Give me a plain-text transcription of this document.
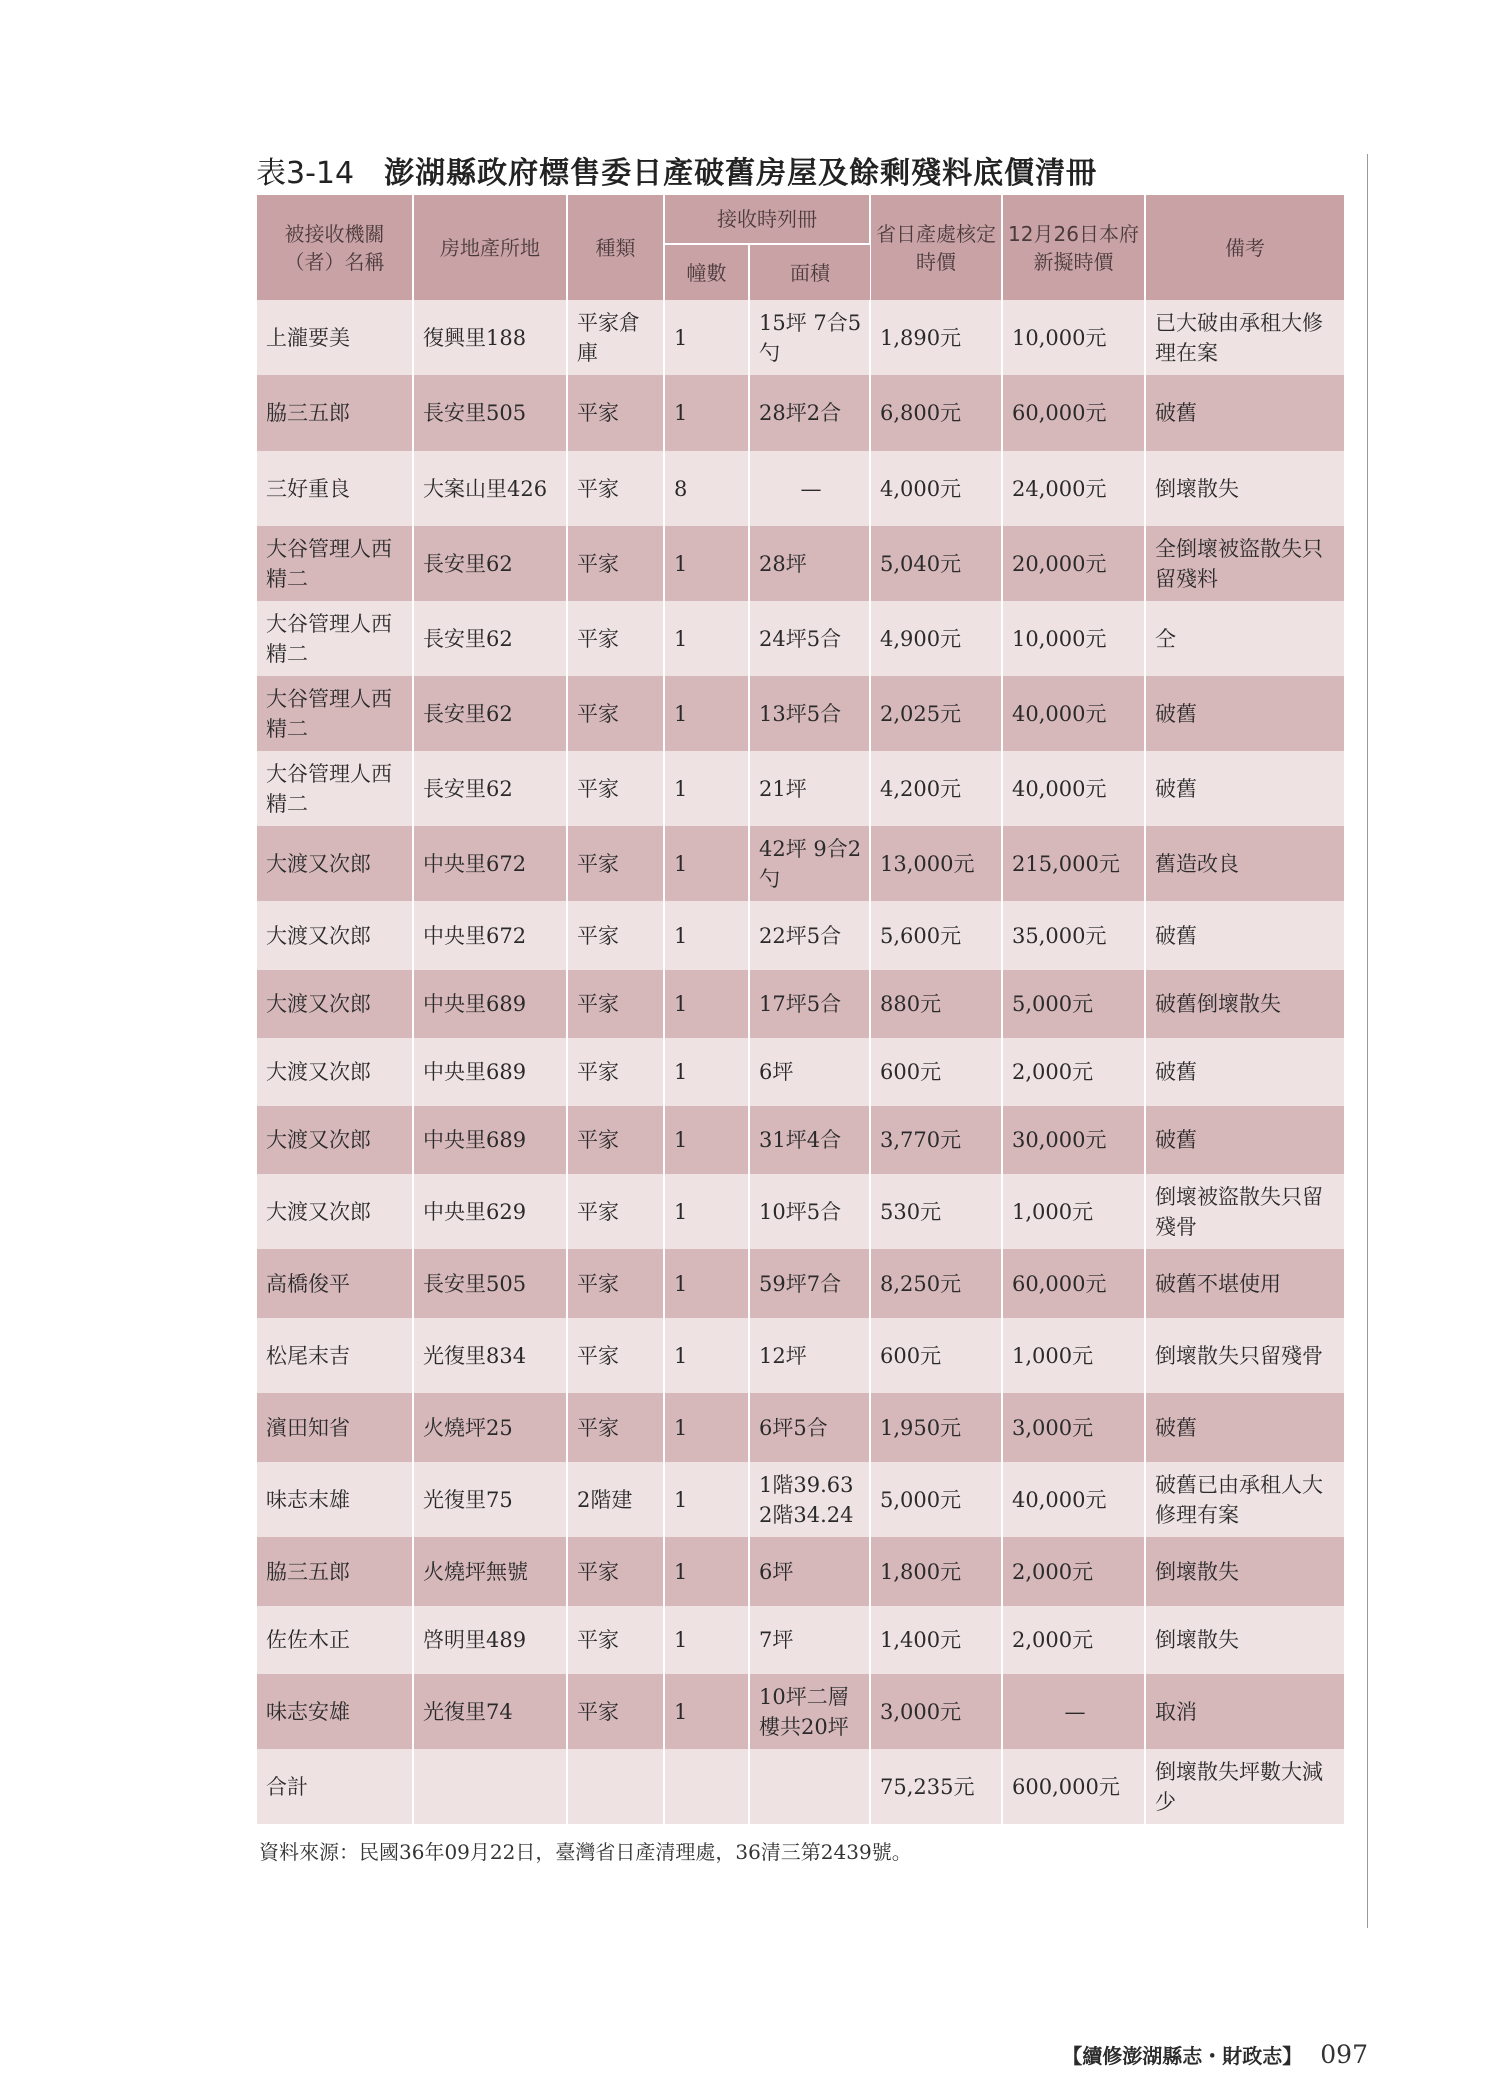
表3-14 澎湖縣政府標售委日產破舊房屋及餘剩殘料底價清冊
被接收機關（者）名稱	房地產所地	種類	接收時列冊		省日產處核定時價	12月26日本府新擬時價	備考
			幢數	面積			
上瀧要美	復興里188	平家倉庫	1	15坪 7合5勺	1,890元	10,000元	已大破由承租大修理在案
脇三五郎	長安里505	平家	1	28坪2合	6,800元	60,000元	破舊
三好重良	大案山里426	平家	8	—	4,000元	24,000元	倒壞散失
大谷管理人西精二	長安里62	平家	1	28坪	5,040元	20,000元	全倒壞被盜散失只留殘料
大谷管理人西精二	長安里62	平家	1	24坪5合	4,900元	10,000元	仝
大谷管理人西精二	長安里62	平家	1	13坪5合	2,025元	40,000元	破舊
大谷管理人西精二	長安里62	平家	1	21坪	4,200元	40,000元	破舊
大渡又次郎	中央里672	平家	1	42坪 9合2勺	13,000元	215,000元	舊造改良
大渡又次郎	中央里672	平家	1	22坪5合	5,600元	35,000元	破舊
大渡又次郎	中央里689	平家	1	17坪5合	880元	5,000元	破舊倒壞散失
大渡又次郎	中央里689	平家	1	6坪	600元	2,000元	破舊
大渡又次郎	中央里689	平家	1	31坪4合	3,770元	30,000元	破舊
大渡又次郎	中央里629	平家	1	10坪5合	530元	1,000元	倒壞被盜散失只留殘骨
高橋俊平	長安里505	平家	1	59坪7合	8,250元	60,000元	破舊不堪使用
松尾末吉	光復里834	平家	1	12坪	600元	1,000元	倒壞散失只留殘骨
濱田知省	火燒坪25	平家	1	6坪5合	1,950元	3,000元	破舊
味志末雄	光復里75	2階建	1	1階39.63 2階34.24	5,000元	40,000元	破舊已由承租人大修理有案
脇三五郎	火燒坪無號	平家	1	6坪	1,800元	2,000元	倒壞散失
佐佐木正	啓明里489	平家	1	7坪	1,400元	2,000元	倒壞散失
味志安雄	光復里74	平家	1	10坪二層樓共20坪	3,000元	—	取消
合計					75,235元	600,000元	倒壞散失坪數大減少
資料來源：民國36年09月22日，臺灣省日產清理處，36清三第2439號。
【續修澎湖縣志・財政志】 097
